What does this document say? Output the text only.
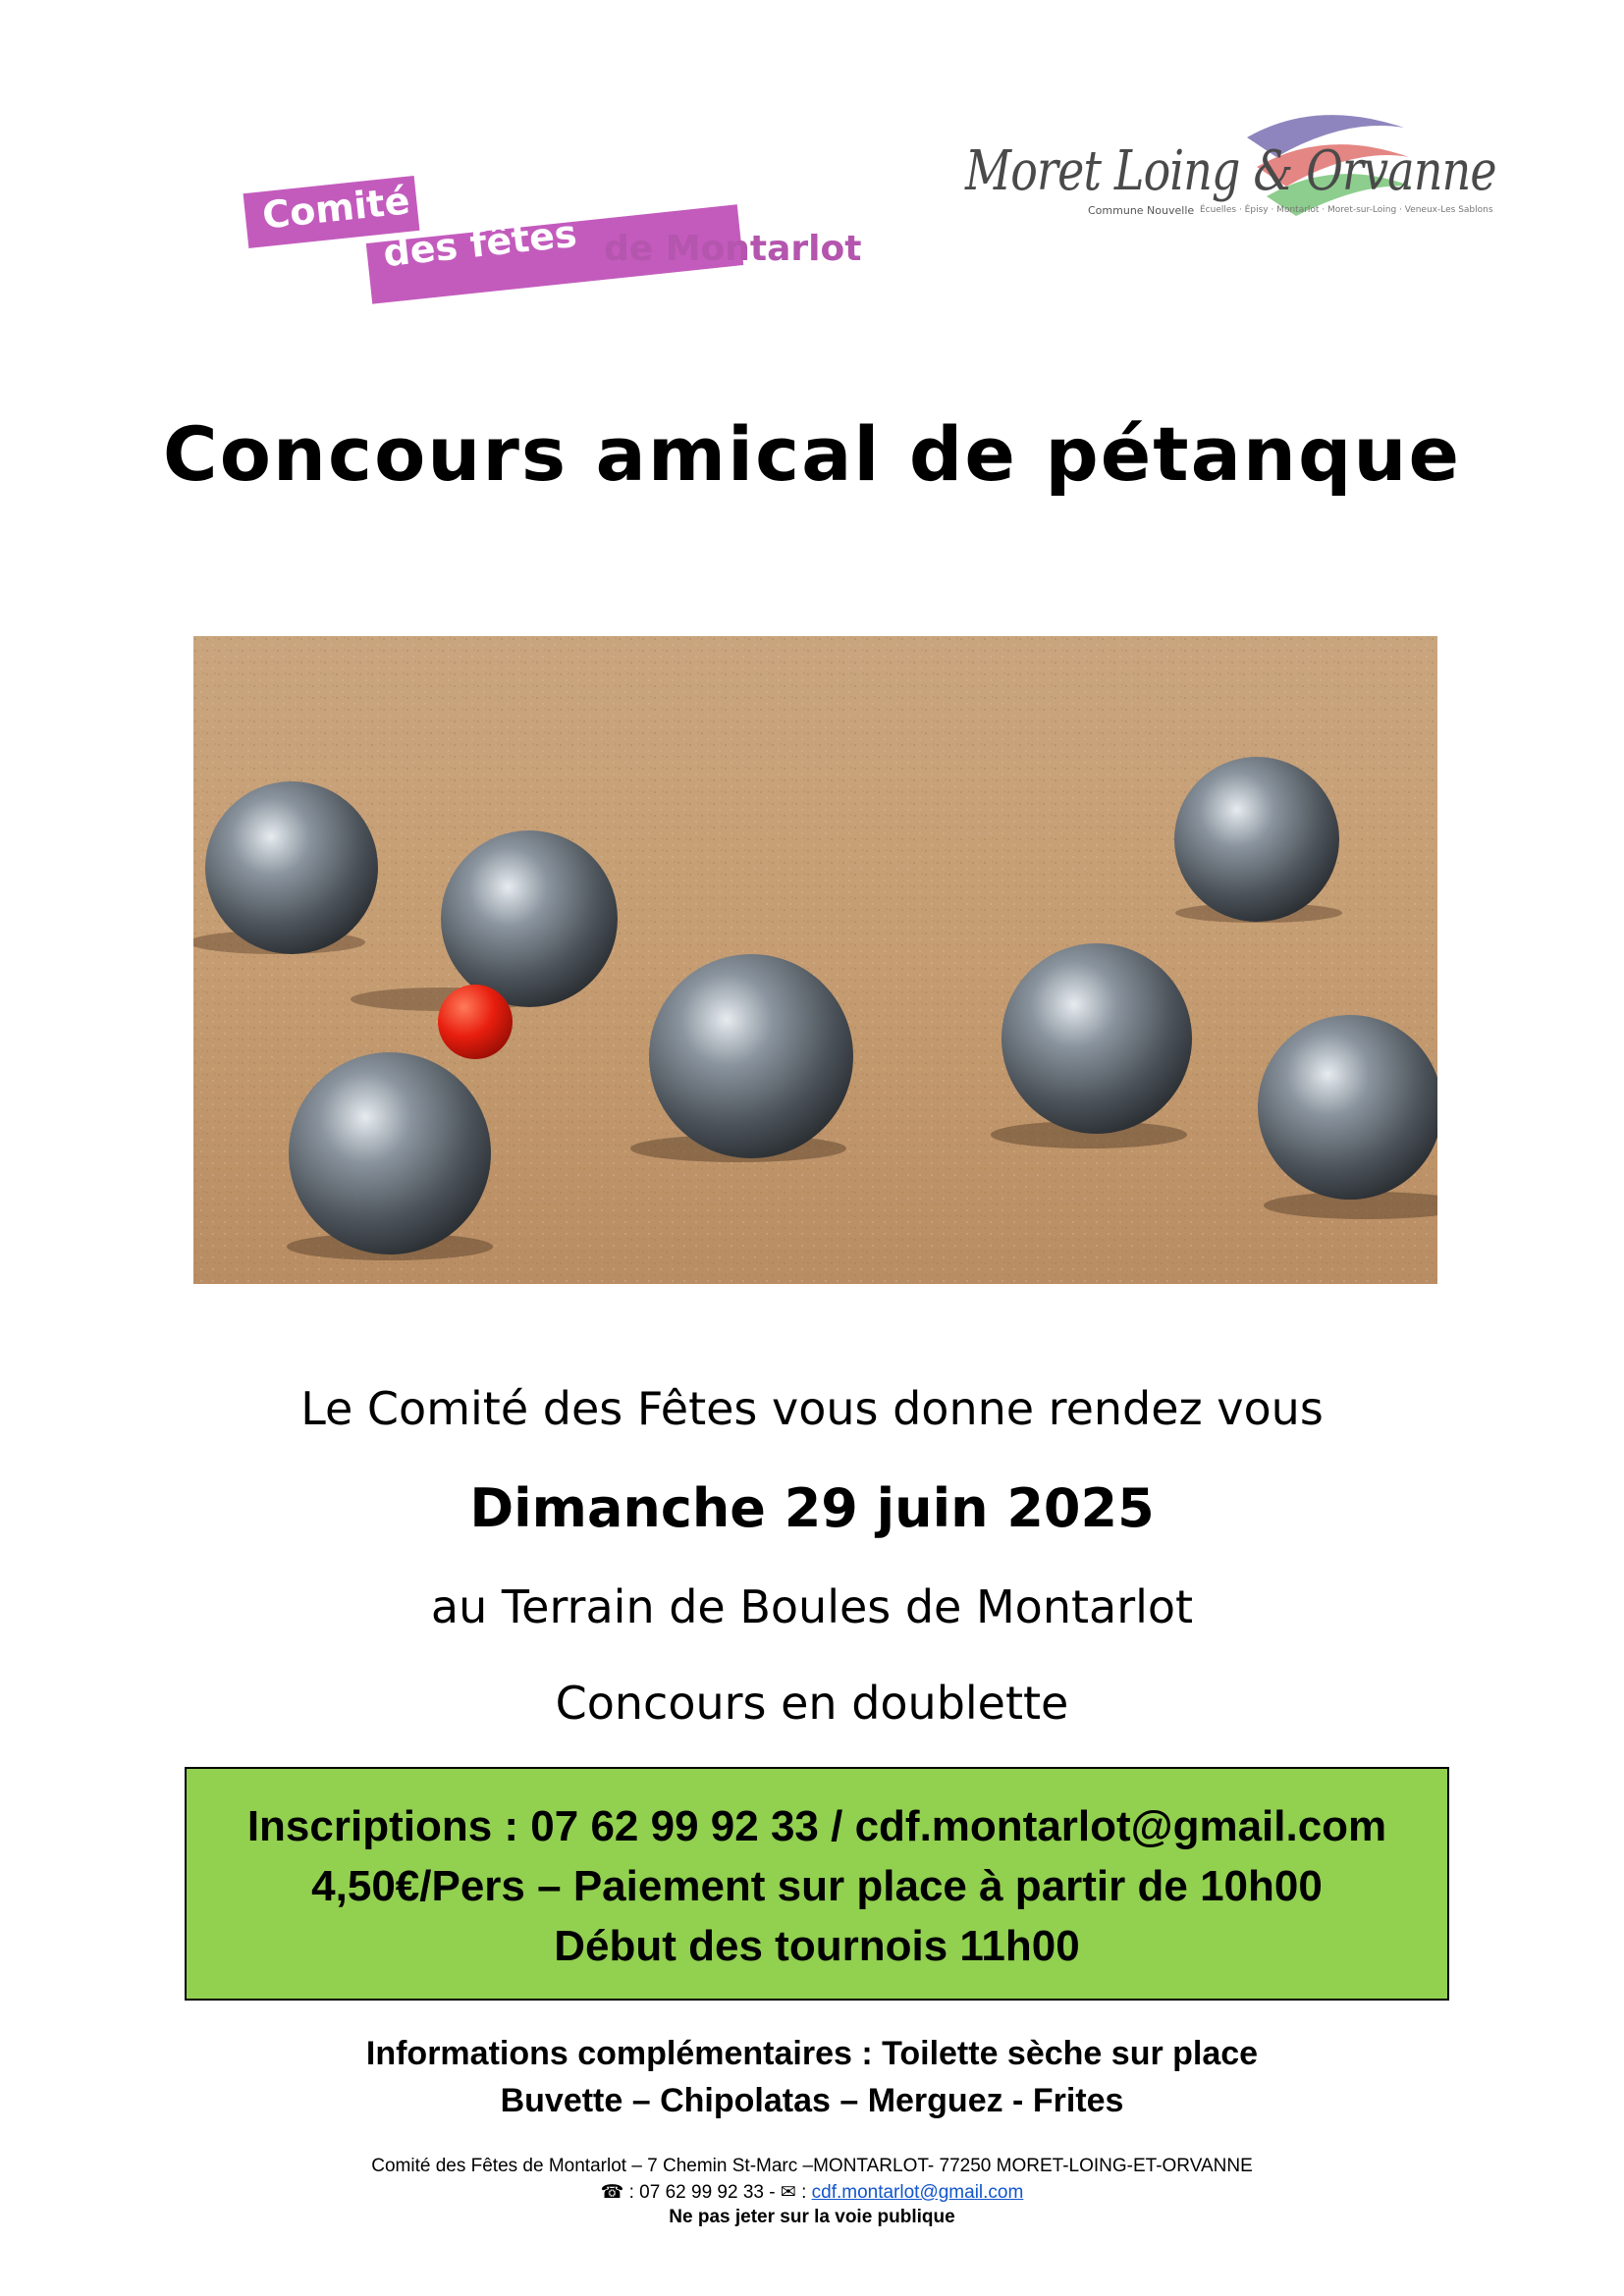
Comité
des fêtes de Montarlot
Moret Loing & Orvanne
Commune Nouvelle Écuelles · Épisy · Montarlot · Moret-sur-Loing · Veneux-Les Sablons
Concours amical de pétanque
Le Comité des Fêtes vous donne rendez vous
Dimanche 29 juin 2025
au Terrain de Boules de Montarlot
Concours en doublette
Inscriptions : 07 62 99 92 33 / cdf.montarlot@gmail.com
4,50€/Pers – Paiement sur place à partir de 10h00
Début des tournois 11h00
Informations complémentaires : Toilette sèche sur place
Buvette – Chipolatas – Merguez - Frites
Comité des Fêtes de Montarlot – 7 Chemin St-Marc –MONTARLOT- 77250 MORET-LOING-ET-ORVANNE
☎ : 07 62 99 92 33 - ✉ : cdf.montarlot@gmail.com
Ne pas jeter sur la voie publique
